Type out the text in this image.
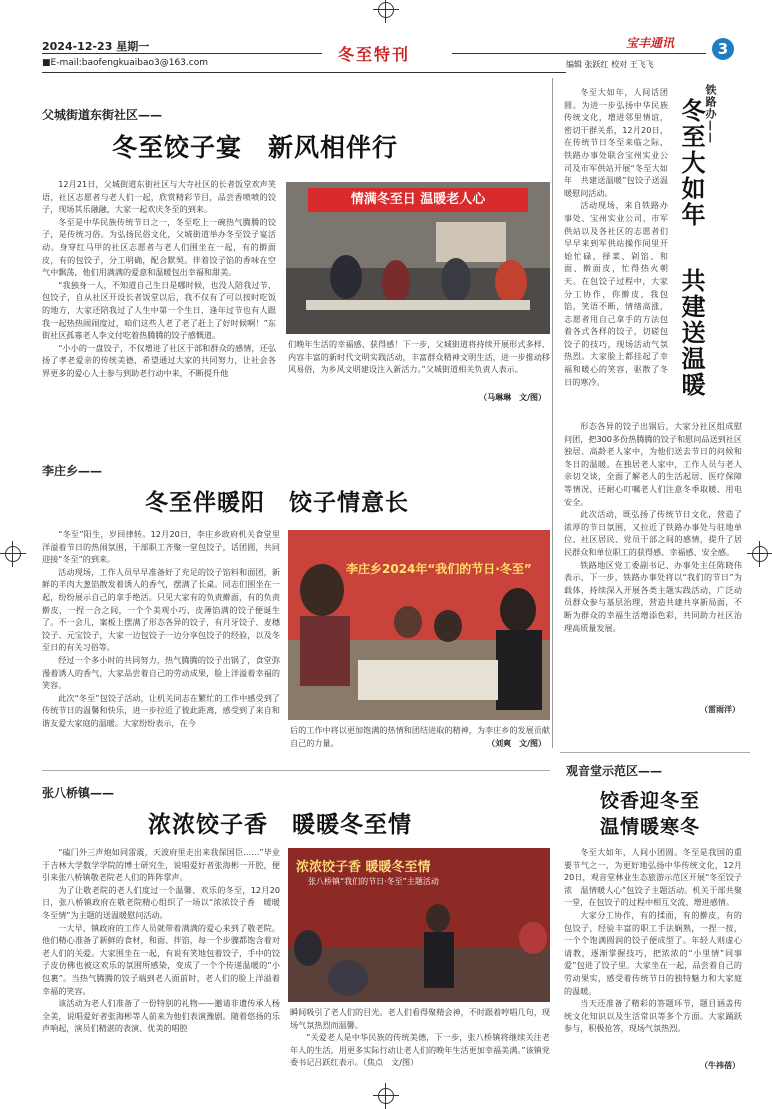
2024-12-23 星期一
■E-mail:baofengkuaibao3@163.com	冬至特刊
宝丰通讯
编辑 张跃红 校对 王飞飞
3
父城街道东街社区——
冬至饺子宴　新风相伴行

12月21日，父城街道东街社区与大寺社区的长者饭堂欢声笑语，社区志愿者与老人们一起，欣赏精彩节目，品尝香喷喷的饺子，现场其乐融融，大家一起欢庆冬至的到来。

冬至是中华民族传统节日之一，冬至吃上一碗热气腾腾的饺子，是传统习俗。为弘扬民俗文化，父城街道举办冬至饺子宴活动。身穿红马甲的社区志愿者与老人们围坐在一起，有的擀面皮，有的包饺子，分工明确，配合默契。伴着饺子馅的香味在空气中飘荡，他们用满满的爱意和温暖包出幸福和甜美。

“我独身一人，不知道自己生日是哪时候，也没人陪我过节，包饺子，自从社区开设长者饭堂以后，我不仅有了可以按时吃饭的地方，大家还陪我过了人生中第一个生日，逢年过节也有人跟我一起热热闹闹度过，咱们这些人老了老了赶上了好时候啊！”东街社区孤寡老人李文付吃着热腾腾的饺子感慨道。

“小小的一盘饺子，不仅增进了社区干部和群众的感情，还弘扬了孝老爱亲的传统美德，希望通过大家的共同努力，让社会各界更多的爱心人士参与到助老行动中来，不断提升他

情满冬至日 温暖老人心

们晚年生活的幸福感、获得感！下一步，父城街道将持续开展形式多样、内容丰富的新时代文明实践活动，丰富群众精神文明生活，进一步推动移风易俗，为乡风文明建设注入新活力。”父城街道相关负责人表示。

（马琳琳　文/图）
李庄乡——
冬至伴暖阳　饺子情意长

“冬至”阳生，岁回律转。12月20日，李庄乡政府机关食堂里洋溢着节日的热闹氛围，干部职工齐聚一堂包饺子，话团圆，共同迎接“冬至”的到来。

活动现场，工作人员早早准备好了充足的饺子馅料和面团，新鲜的羊肉大葱馅散发着诱人的香气，摆满了长桌。同志们围坐在一起，纷纷展示自己的拿手绝活。只见大家有的负责擀面，有的负责擀皮，一捏一合之间，一个个美观小巧、皮薄馅满的饺子便诞生了。不一会儿，案板上摆满了形态各异的饺子，有月牙饺子、麦穗饺子、元宝饺子，大家一边包饺子一边分享包饺子的经验，以及冬至日的有关习俗等。

经过一个多小时的共同努力，热气腾腾的饺子出锅了，食堂弥漫着诱人的香气，大家品尝着自己的劳动成果，脸上洋溢着幸福的笑容。

此次“冬至”包饺子活动，让机关同志在繁忙的工作中感受到了传统节日的温馨和快乐，进一步拉近了彼此距离，感受到了来自和谐友爱大家庭的温暖。大家纷纷表示，在今

李庄乡2024年“我们的节日·冬至”

后的工作中将以更加饱满的热情和团结进取的精神，为李庄乡的发展贡献自己的力量。	（刘爽　文/图）
张八桥镇——
浓浓饺子香　暖暖冬至情

“磕门外三声炮如同雷震，天波府里走出来我保国臣……”毕业于吉林大学数学学院的博士研究生，说唱爱好者张海彬一开腔，便引来张八桥镇敬老院老人们的阵阵掌声。

为了让敬老院的老人们度过一个温馨、欢乐的冬至，12月20日，张八桥镇政府在敬老院精心组织了一场以“浓浓饺子香　暖暖冬至情”为主题的送温暖慰问活动。

一大早，镇政府的工作人员就带着满满的爱心来到了敬老院。他们精心准备了新鲜的食材，和面、拌馅，每一个步骤都饱含着对老人们的关爱。大家围坐在一起，有说有笑地包着饺子，手中的饺子皮仿佛也被这欢乐的氛围所感染，变成了一个个传递温暖的“小包裹”。当热气腾腾的饺子端到老人面前时，老人们的脸上洋溢着幸福的笑容。

该活动为老人们准备了一份特别的礼物——邀请非遗传承人杨全美，说唱爱好者张海彬等人前来为他们表演豫剧。随着悠扬的乐声响起，演员们精湛的表演、优美的唱腔

浓浓饺子香 暖暖冬至情
张八桥镇“我们的节日·冬至”主题活动

瞬间吸引了老人们的目光。老人们看得聚精会神，不时跟着哼唱几句，现场气氛热烈而温馨。

“关爱老人是中华民族的传统美德，下一步，张八桥镇将继续关注老年人的生活，用更多实际行动让老人们的晚年生活更加幸福美满。”该镇党委书记吕跃红表示。（焦点　文/图）

冬至大如年，人间话团圆。为进一步弘扬中华民族传统文化，增进邻里情谊，密切干群关系，12月20日，在传统节日冬至来临之际，铁路办事处联合宝州实业公司及市军供站开展“冬至大如年　共建送温暖”包饺子送温暖慰问活动。

活动现场，来自铁路办事处、宝州实业公司、市军供站以及各社区的志愿者们早早来到军供站操作间里开始忙碌，择菜、剁馅、和面、擀面皮，忙得热火朝天。在包饺子过程中，大家分工协作，你擀皮，我包馅，笑语不断，情绪高涨，志愿者用自己拿手的方法包着各式各样的饺子，切磋包饺子的技巧，现场活动气氛热烈。大家脸上都挂起了幸福和暖心的笑容，驱散了冬日的寒冷。

铁路办——
冬至大如年
共建送温暖

形态各异的饺子出锅后，大家分社区组成慰问团，把300多份热腾腾的饺子和慰问品送到社区独居、高龄老人家中，为他们送去节日的问候和冬日的温暖。在独居老人家中，工作人员与老人亲切交谈，全面了解老人的生活起居、医疗保障等情况，还耐心叮嘱老人们注意冬季取暖、用电安全。

此次活动，既弘扬了传统节日文化，营造了浓厚的节日氛围，又拉近了铁路办事处与驻地单位、社区居民、党员干部之间的感情，提升了居民群众和单位职工的获得感、幸福感、安全感。

铁路地区党工委副书记、办事处主任陈晓伟表示，下一步，铁路办事处将以“我们的节日”为载体，持续深入开展各类主题实践活动，广泛动员群众参与基层治理，营造共建共享新局面，不断为群众的幸福生活增添色彩，共同助力社区治理高质量发展。

（雷雨洋）
观音堂示范区——
饺香迎冬至
温情暖寒冬

冬至大如年，人间小团圆。冬至是我国的重要节气之一，为更好地弘扬中华传统文化，12月20日，观音堂林业生态旅游示范区开展“冬至饺子浓　温情暖人心”包饺子主题活动。机关干部共聚一堂，在包饺子的过程中相互交流、增进感情。

大家分工协作，有的揉面，有的擀皮，有的包饺子，经验丰富的职工手法娴熟，一捏一按，一个个饱满圆润的饺子便成型了。年轻人则虚心请教，逐渐掌握技巧，把浓浓的“小里情”同事爱”包进了饺子里。大家坐在一起，品尝着自己的劳动果实，感受着传统节日的独特魅力和大家庭的温暖。

当天还准备了精彩的答题环节，题目涵盖传统文化知识以及生活常识等多个方面。大家踊跃参与，积极抢答，现场气氛热烈。

（牛祎蓓）
